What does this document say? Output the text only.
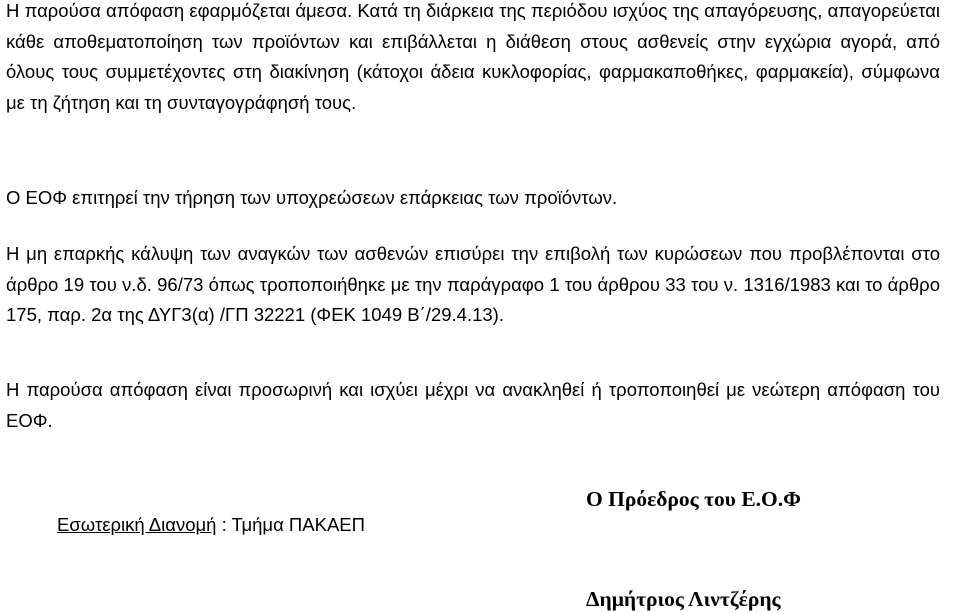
Η παρούσα απόφαση εφαρμόζεται άμεσα. Κατά τη διάρκεια της περιόδου ισχύος της απαγόρευσης, απαγορεύεται κάθε αποθεματοποίηση των προϊόντων και επιβάλλεται η διάθεση στους ασθενείς στην εγχώρια αγορά, από όλους τους συμμετέχοντες στη διακίνηση (κάτοχοι άδεια κυκλοφορίας, φαρμακαποθήκες, φαρμακεία), σύμφωνα με τη ζήτηση και τη συνταγογράφησή τους.

Ο ΕΟΦ επιτηρεί την τήρηση των υποχρεώσεων επάρκειας των προϊόντων.

Η μη επαρκής κάλυψη των αναγκών των ασθενών επισύρει την επιβολή των κυρώσεων που προβλέπονται στο άρθρο 19 του ν.δ. 96/73 όπως τροποποιήθηκε με την παράγραφο 1 του άρθρου 33 του ν. 1316/1983 και το άρθρο 175, παρ. 2α της ΔΥΓ3(α) /ΓΠ 32221 (ΦΕΚ 1049 Β΄/29.4.13).

Η παρούσα απόφαση είναι προσωρινή και ισχύει μέχρι να ανακληθεί ή τροποποιηθεί με νεώτερη απόφαση του ΕΟΦ.

Εσωτερική Διανομή : Τμήμα ΠΑΚΑΕΠ
Ο Πρόεδρος του Ε.Ο.Φ
Δημήτριος Λιντζέρης
